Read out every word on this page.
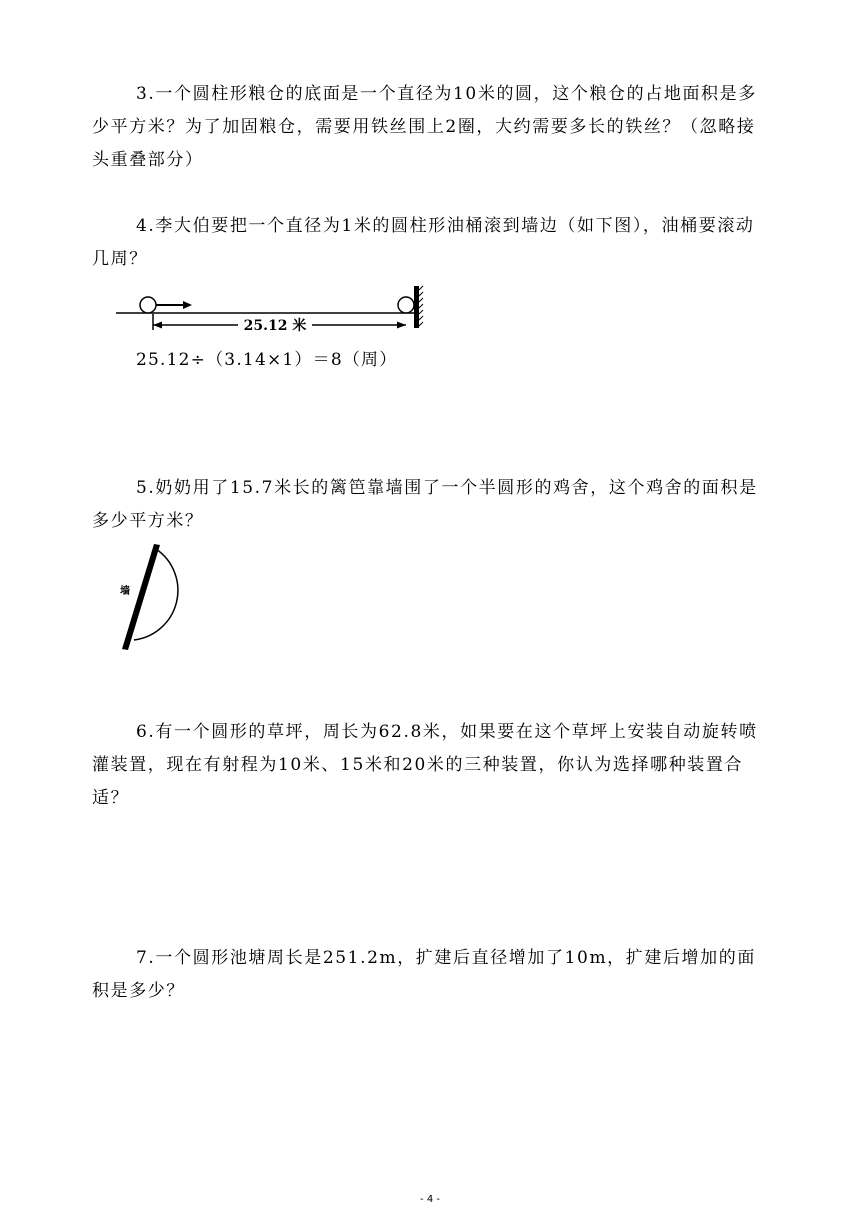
3.一个圆柱形粮仓的底面是一个直径为10米的圆，这个粮仓的占地面积是多少平方米？为了加固粮仓，需要用铁丝围上2圈，大约需要多长的铁丝？（忽略接头重叠部分）

4.李大伯要把一个直径为1米的圆柱形油桶滚到墙边（如下图），油桶要滚动几周？

25.12 米

25.12÷（3.14×1）＝8（周）

5.奶奶用了15.7米长的篱笆靠墙围了一个半圆形的鸡舍，这个鸡舍的面积是多少平方米？

墙

6.有一个圆形的草坪，周长为62.8米，如果要在这个草坪上安装自动旋转喷灌装置，现在有射程为10米、15米和20米的三种装置，你认为选择哪种装置合适？

7.一个圆形池塘周长是251.2m，扩建后直径增加了10m，扩建后增加的面积是多少？

- 4 -
